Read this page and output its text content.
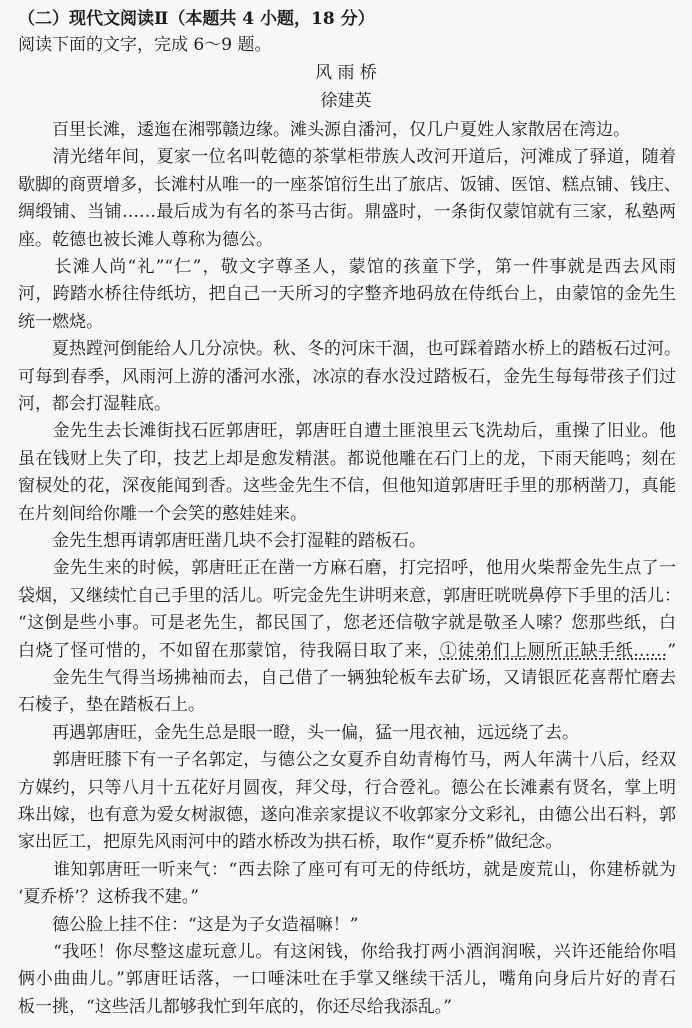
（二）现代文阅读Ⅱ（本题共 4 小题，18 分）
阅读下面的文字，完成 6～9 题。
风 雨 桥
徐建英
　　百里长滩，逶迤在湘鄂赣边缘。滩头源自潘河，仅几户夏姓人家散居在湾边。
　　清光绪年间，夏家一位名叫乾德的茶掌柜带族人改河开道后，河滩成了驿道，随着
歇脚的商贾增多，长滩村从唯一的一座茶馆衍生出了旅店、饭铺、医馆、糕点铺、钱庄、
绸缎铺、当铺……最后成为有名的茶马古街。鼎盛时，一条街仅蒙馆就有三家，私塾两
座。乾德也被长滩人尊称为德公。
　　长滩人尚“礼”“仁”，敬文字尊圣人，蒙馆的孩童下学，第一件事就是西去风雨
河，跨踏水桥往侍纸坊，把自己一天所习的字整齐地码放在侍纸台上，由蒙馆的金先生
统一燃烧。
　　夏热蹚河倒能给人几分凉快。秋、冬的河床干涸，也可踩着踏水桥上的踏板石过河。
可每到春季，风雨河上游的潘河水涨，冰凉的春水没过踏板石，金先生每每带孩子们过
河，都会打湿鞋底。
　　金先生去长滩街找石匠郭唐旺，郭唐旺自遭土匪浪里云飞洗劫后，重操了旧业。他
虽在钱财上失了印，技艺上却是愈发精湛。都说他雕在石门上的龙，下雨天能鸣；刻在
窗棂处的花，深夜能闻到香。这些金先生不信，但他知道郭唐旺手里的那柄凿刀，真能
在片刻间给你雕一个会笑的憨娃娃来。
　　金先生想再请郭唐旺凿几块不会打湿鞋的踏板石。
　　金先生来的时候，郭唐旺正在凿一方麻石磨，打完招呼，他用火柴帮金先生点了一
袋烟，又继续忙自己手里的活儿。听完金先生讲明来意，郭唐旺咣咣鼻停下手里的活儿：
“这倒是些小事。可是老先生，都民国了，您老还信敬字就是敬圣人嗦？您那些纸，白
白烧了怪可惜的，不如留在那蒙馆，待我隔日取了来，①徒弟们上厕所正缺手纸……”
　　金先生气得当场拂袖而去，自己借了一辆独轮板车去矿场，又请银匠花喜帮忙磨去
石棱子，垫在踏板石上。
　　再遇郭唐旺，金先生总是眼一瞪，头一偏，猛一甩衣袖，远远绕了去。
　　郭唐旺膝下有一子名郭定，与德公之女夏乔自幼青梅竹马，两人年满十八后，经双
方媒约，只等八月十五花好月圆夜，拜父母，行合卺礼。德公在长滩素有贤名，掌上明
珠出嫁，也有意为爱女树淑德，遂向准亲家提议不收郭家分文彩礼，由德公出石料，郭
家出匠工，把原先风雨河中的踏水桥改为拱石桥，取作“夏乔桥”做纪念。
　　谁知郭唐旺一听来气：“西去除了座可有可无的侍纸坊，就是废荒山，你建桥就为
‘夏乔桥’？这桥我不建。”
　　德公脸上挂不住：“这是为子女造福嘛！”
　　“我呸！你尽整这虚玩意儿。有这闲钱，你给我打两小酒润润喉，兴许还能给你唱
俩小曲曲儿。”郭唐旺话落，一口唾沫吐在手掌又继续干活儿，嘴角向身后片好的青石
板一挑，“这些活儿都够我忙到年底的，你还尽给我添乱。”
